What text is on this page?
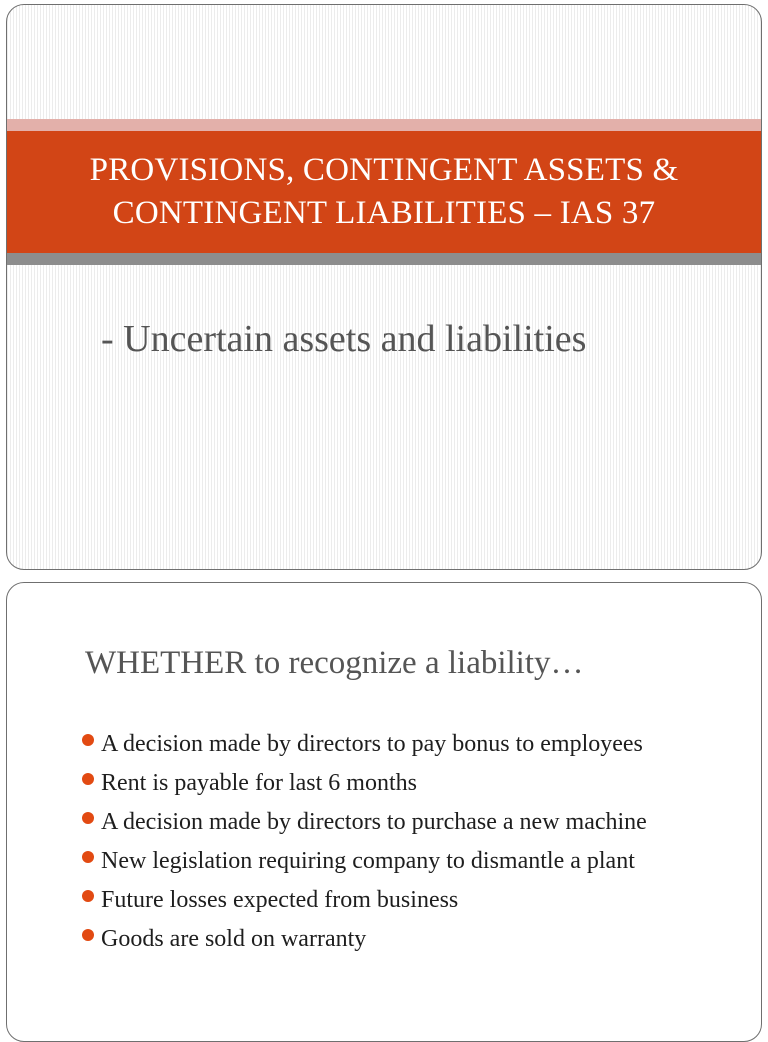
PROVISIONS, CONTINGENT ASSETS &
CONTINGENT LIABILITIES – IAS 37
- Uncertain assets and liabilities
WHETHER to recognize a liability…
A decision made by directors to pay bonus to employees
Rent is payable for last 6 months
A decision made by directors to purchase a new machine
New legislation requiring company to dismantle a plant
Future losses expected from business
Goods are sold on warranty
